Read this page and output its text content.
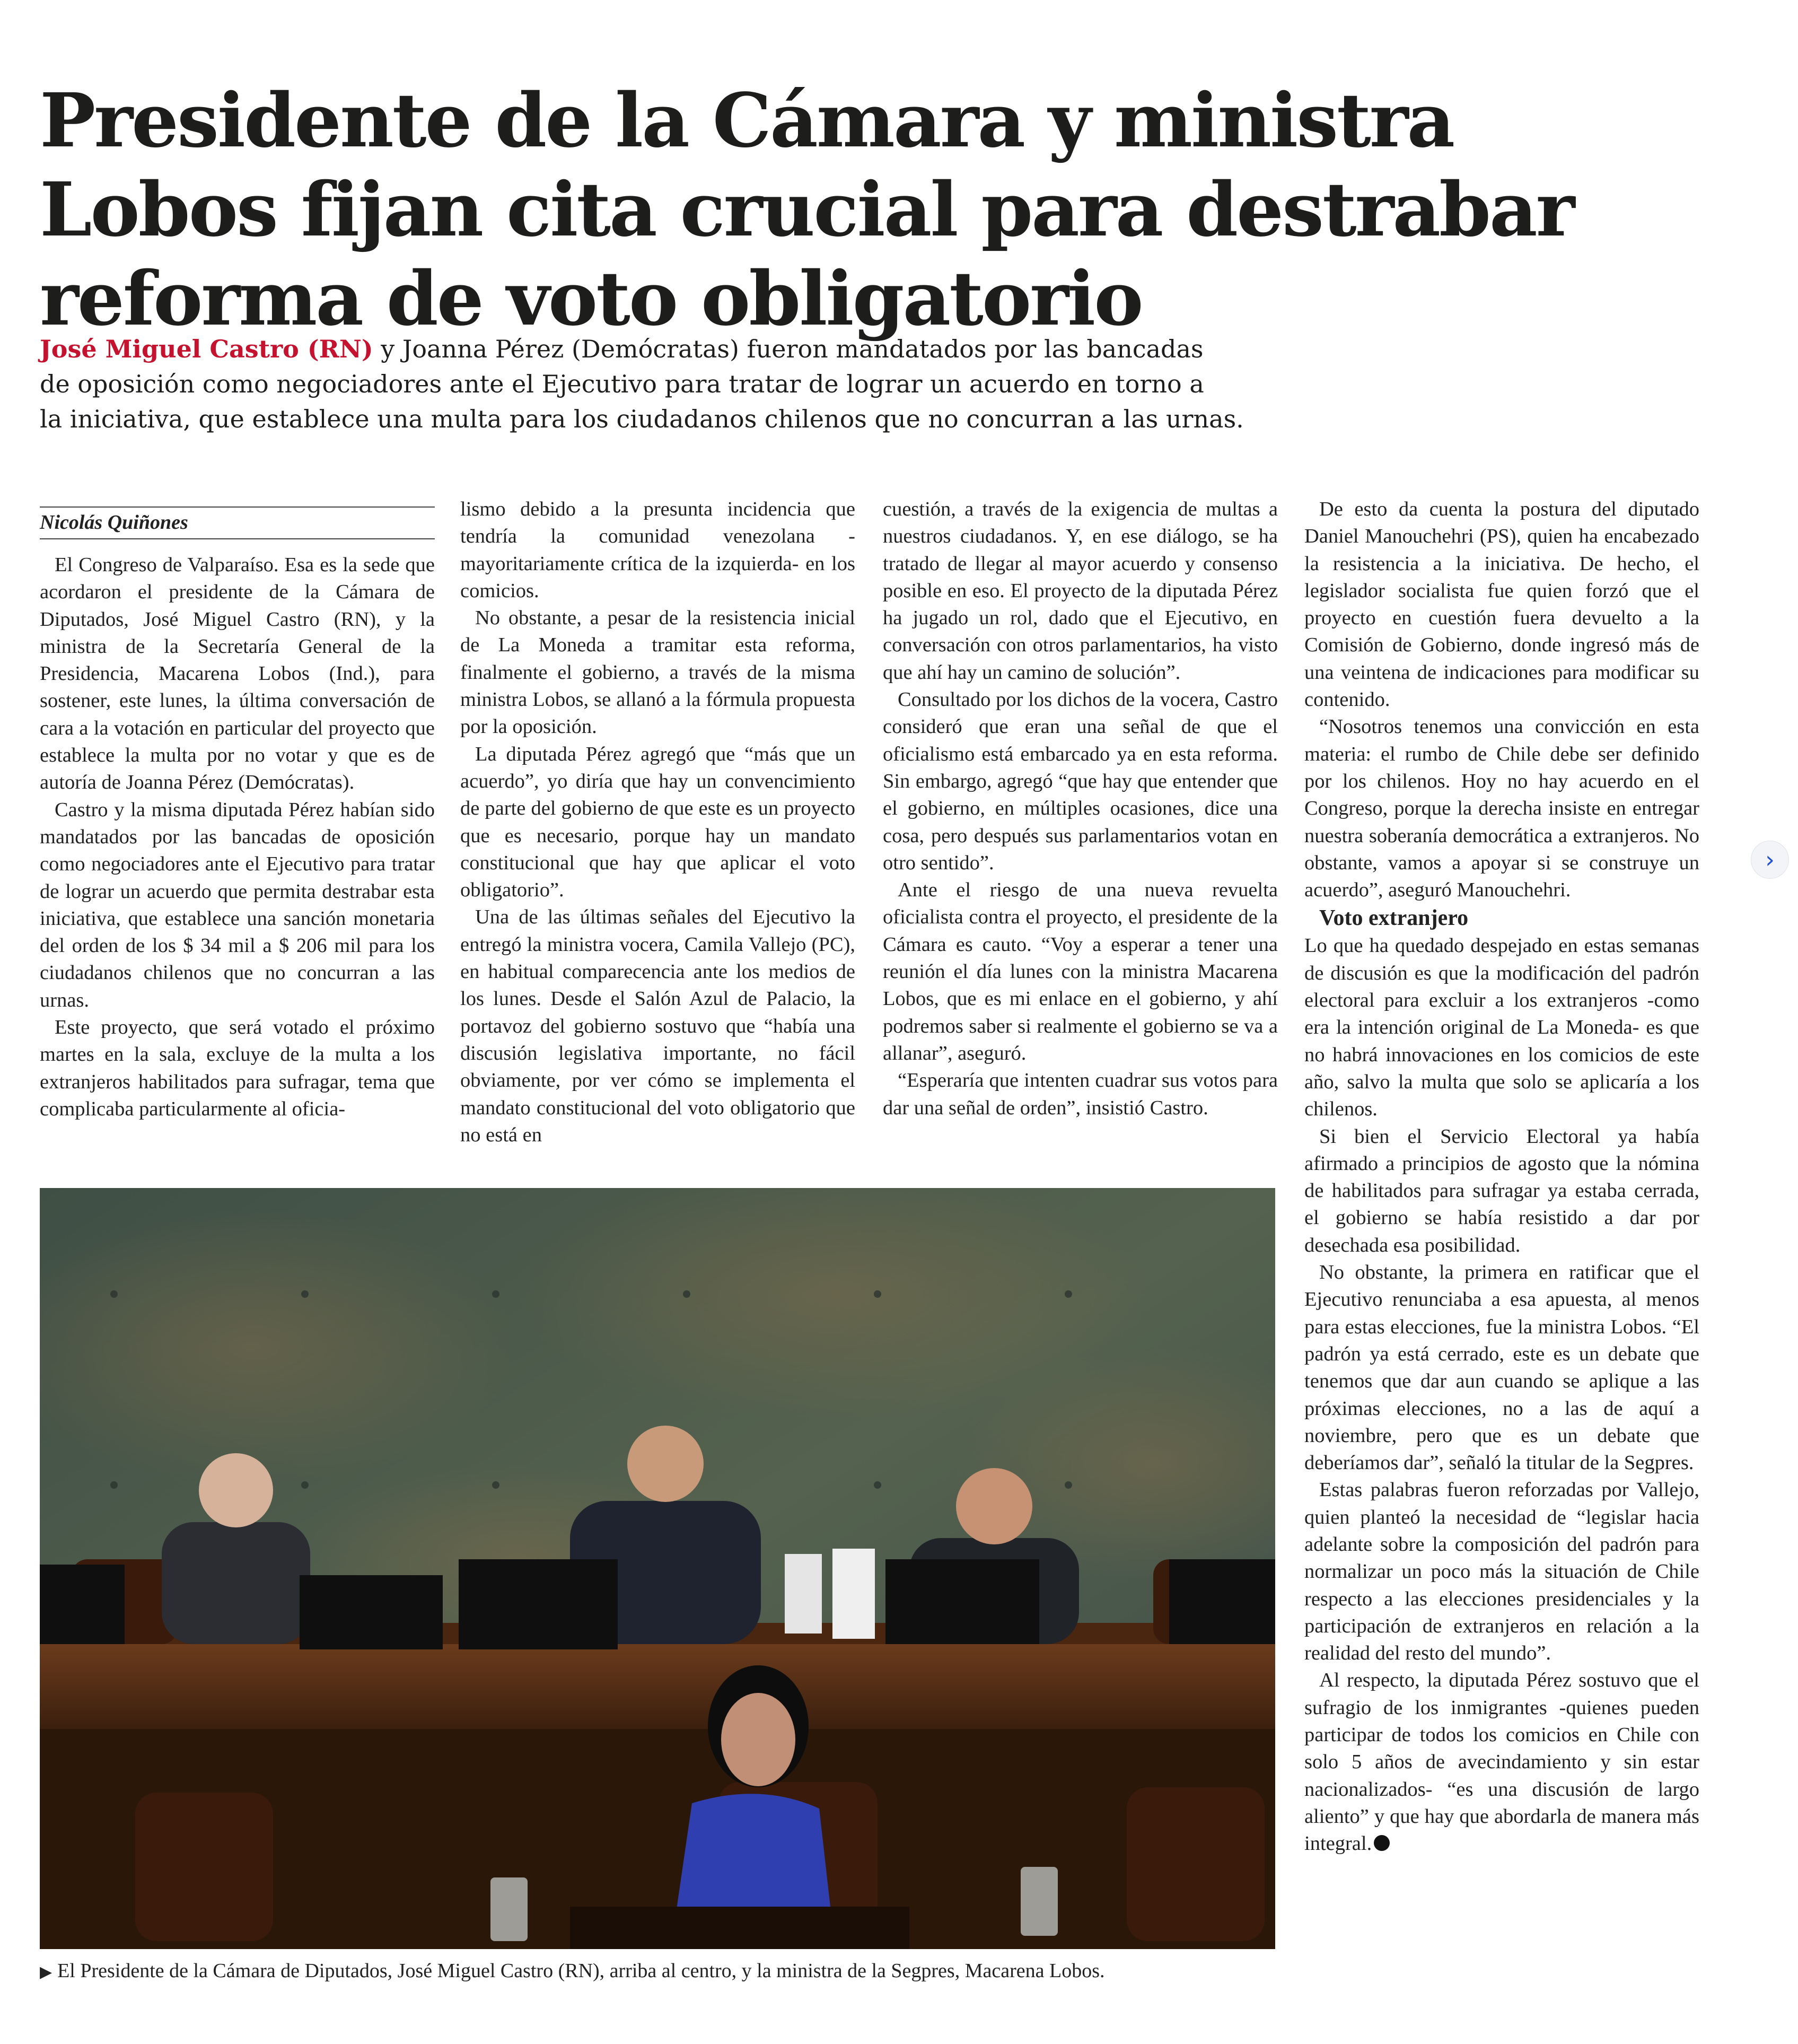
Presidente de la Cámara y ministra
Lobos fijan cita crucial para destrabar
reforma de voto obligatorio
José Miguel Castro (RN) y Joanna Pérez (Demócratas) fueron mandatados por las bancadas
de oposición como negociadores ante el Ejecutivo para tratar de lograr un acuerdo en torno a
la iniciativa, que establece una multa para los ciudadanos chilenos que no concurran a las urnas.
Nicolás Quiñones

El Congreso de Valparaíso. Esa es la sede que acordaron el presidente de la Cámara de Diputados, José Miguel Castro (RN), y la ministra de la Secretaría General de la Presidencia, Macarena Lobos (Ind.), para sostener, este lunes, la última conversación de cara a la votación en particular del proyecto que establece la multa por no votar y que es de autoría de Joanna Pérez (Demócratas).

Castro y la misma diputada Pérez habían sido mandatados por las bancadas de oposición como negociadores ante el Ejecutivo para tratar de lograr un acuerdo que permita destrabar esta iniciativa, que establece una sanción monetaria del orden de los $ 34 mil a $ 206 mil para los ciudadanos chilenos que no concurran a las urnas.

Este proyecto, que será votado el próximo martes en la sala, excluye de la multa a los extranjeros habilitados para sufragar, tema que complicaba particularmente al oficia-

lismo debido a la presunta incidencia que tendría la comunidad venezolana -mayoritariamente crítica de la izquierda- en los comicios.

No obstante, a pesar de la resistencia inicial de La Moneda a tramitar esta reforma, finalmente el gobierno, a través de la misma ministra Lobos, se allanó a la fórmula propuesta por la oposición.

La diputada Pérez agregó que “más que un acuerdo”, yo diría que hay un convencimiento de parte del gobierno de que este es un proyecto que es necesario, porque hay un mandato constitucional que hay que aplicar el voto obligatorio”.

Una de las últimas señales del Ejecutivo la entregó la ministra vocera, Camila Vallejo (PC), en habitual comparecencia ante los medios de los lunes. Desde el Salón Azul de Palacio, la portavoz del gobierno sostuvo que “había una discusión legislativa importante, no fácil obviamente, por ver cómo se implementa el mandato constitucional del voto obligatorio que no está en

cuestión, a través de la exigencia de multas a nuestros ciudadanos. Y, en ese diálogo, se ha tratado de llegar al mayor acuerdo y consenso posible en eso. El proyecto de la diputada Pérez ha jugado un rol, dado que el Ejecutivo, en conversación con otros parlamentarios, ha visto que ahí hay un camino de solución”.

Consultado por los dichos de la vocera, Castro consideró que eran una señal de que el oficialismo está embarcado ya en esta reforma. Sin embargo, agregó “que hay que entender que el gobierno, en múltiples ocasiones, dice una cosa, pero después sus parlamentarios votan en otro sentido”.

Ante el riesgo de una nueva revuelta oficialista contra el proyecto, el presidente de la Cámara es cauto. “Voy a esperar a tener una reunión el día lunes con la ministra Macarena Lobos, que es mi enlace en el gobierno, y ahí podremos saber si realmente el gobierno se va a allanar”, aseguró.

“Esperaría que intenten cuadrar sus votos para dar una señal de orden”, insistió Castro.

De esto da cuenta la postura del diputado Daniel Manouchehri (PS), quien ha encabezado la resistencia a la iniciativa. De hecho, el legislador socialista fue quien forzó que el proyecto en cuestión fuera devuelto a la Comisión de Gobierno, donde ingresó más de una veintena de indicaciones para modificar su contenido.

“Nosotros tenemos una convicción en esta materia: el rumbo de Chile debe ser definido por los chilenos. Hoy no hay acuerdo en el Congreso, porque la derecha insiste en entregar nuestra soberanía democrática a extranjeros. No obstante, vamos a apoyar si se construye un acuerdo”, aseguró Manouchehri.

Voto extranjero

Lo que ha quedado despejado en estas semanas de discusión es que la modificación del padrón electoral para excluir a los extranjeros -como era la intención original de La Moneda- es que no habrá innovaciones en los comicios de este año, salvo la multa que solo se aplicaría a los chilenos.

Si bien el Servicio Electoral ya había afirmado a principios de agosto que la nómina de habilitados para sufragar ya estaba cerrada, el gobierno se había resistido a dar por desechada esa posibilidad.

No obstante, la primera en ratificar que el Ejecutivo renunciaba a esa apuesta, al menos para estas elecciones, fue la ministra Lobos. “El padrón ya está cerrado, este es un debate que tenemos que dar aun cuando se aplique a las próximas elecciones, no a las de aquí a noviembre, pero que es un debate que deberíamos dar”, señaló la titular de la Segpres.

Estas palabras fueron reforzadas por Vallejo, quien planteó la necesidad de “legislar hacia adelante sobre la composición del padrón para normalizar un poco más la situación de Chile respecto a las elecciones presidenciales y la participación de extranjeros en relación a la realidad del resto del mundo”.

Al respecto, la diputada Pérez sostuvo que el sufragio de los inmigrantes -quienes pueden participar de todos los comicios en Chile con solo 5 años de avecindamiento y sin estar nacionalizados- “es una discusión de largo aliento” y que hay que abordarla de manera más integral.

▶ El Presidente de la Cámara de Diputados, José Miguel Castro (RN), arriba al centro, y la ministra de la Segpres, Macarena Lobos.
›
